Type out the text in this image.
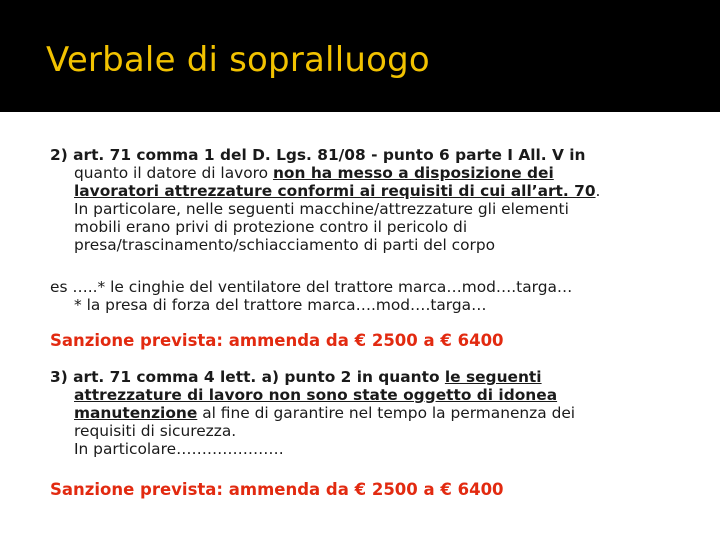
Verbale di sopralluogo
2) art. 71 comma 1 del D. Lgs. 81/08 - punto 6 parte I All. V in
quanto il datore di lavoro non ha messo a disposizione dei
lavoratori attrezzature conformi ai requisiti di cui all’art. 70.
In particolare, nelle seguenti macchine/attrezzature gli elementi
mobili erano privi di protezione contro il pericolo di
presa/trascinamento/schiacciamento di parti del corpo
es …..* le cinghie del ventilatore del trattore marca…mod….targa…
* la presa di forza del trattore marca….mod….targa…
Sanzione prevista: ammenda da € 2500 a € 6400
3) art. 71 comma 4 lett. a) punto 2 in quanto le seguenti
attrezzature di lavoro non sono state oggetto di idonea
manutenzione al fine di garantire nel tempo la permanenza dei
requisiti di sicurezza.
In particolare…………………
Sanzione prevista: ammenda da € 2500 a € 6400
